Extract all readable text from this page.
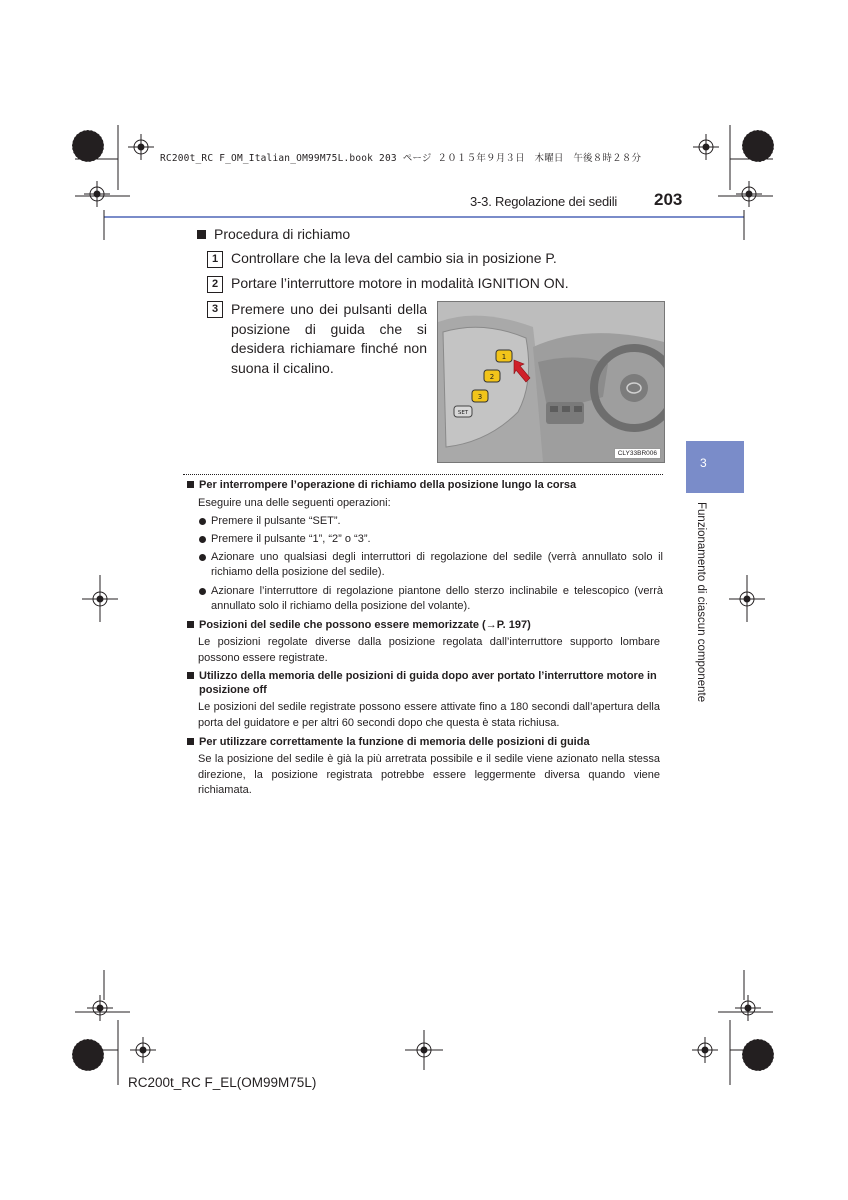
RC200t_RC F_OM_Italian_OM99M75L.book 203 ページ ２０１５年９月３日　木曜日　午後８時２８分
3-3. Regolazione dei sedili 203
Procedura di richiamo
1 Controllare che la leva del cambio sia in posizione P.
2 Portare l’interruttore motore in modalità IGNITION ON.
3 Premere uno dei pulsanti della posizione di guida che si desidera richiamare finché non suona il cicalino.
1
2
3
SET
CLY33BR006
Per interrompere l’operazione di richiamo della posizione lungo la corsa
Eseguire una delle seguenti operazioni:
Premere il pulsante “SET”.
Premere il pulsante “1”, “2” o “3”.
Azionare uno qualsiasi degli interruttori di regolazione del sedile (verrà annullato solo il richiamo della posizione del sedile).
Azionare l’interruttore di regolazione piantone dello sterzo inclinabile e telescopico (verrà annullato solo il richiamo della posizione del volante).
Posizioni del sedile che possono essere memorizzate (→P. 197)
Le posizioni regolate diverse dalla posizione regolata dall’interruttore supporto lombare possono essere registrate.
Utilizzo della memoria delle posizioni di guida dopo aver portato l’interruttore motore in posizione off
Le posizioni del sedile registrate possono essere attivate fino a 180 secondi dall’apertura della porta del guidatore e per altri 60 secondi dopo che questa è stata richiusa.
Per utilizzare correttamente la funzione di memoria delle posizioni di guida
Se la posizione del sedile è già la più arretrata possibile e il sedile viene azionato nella stessa direzione, la posizione registrata potrebbe essere leggermente diversa quando viene richiamata.
3
Funzionamento di ciascun componente
RC200t_RC F_EL(OM99M75L)
